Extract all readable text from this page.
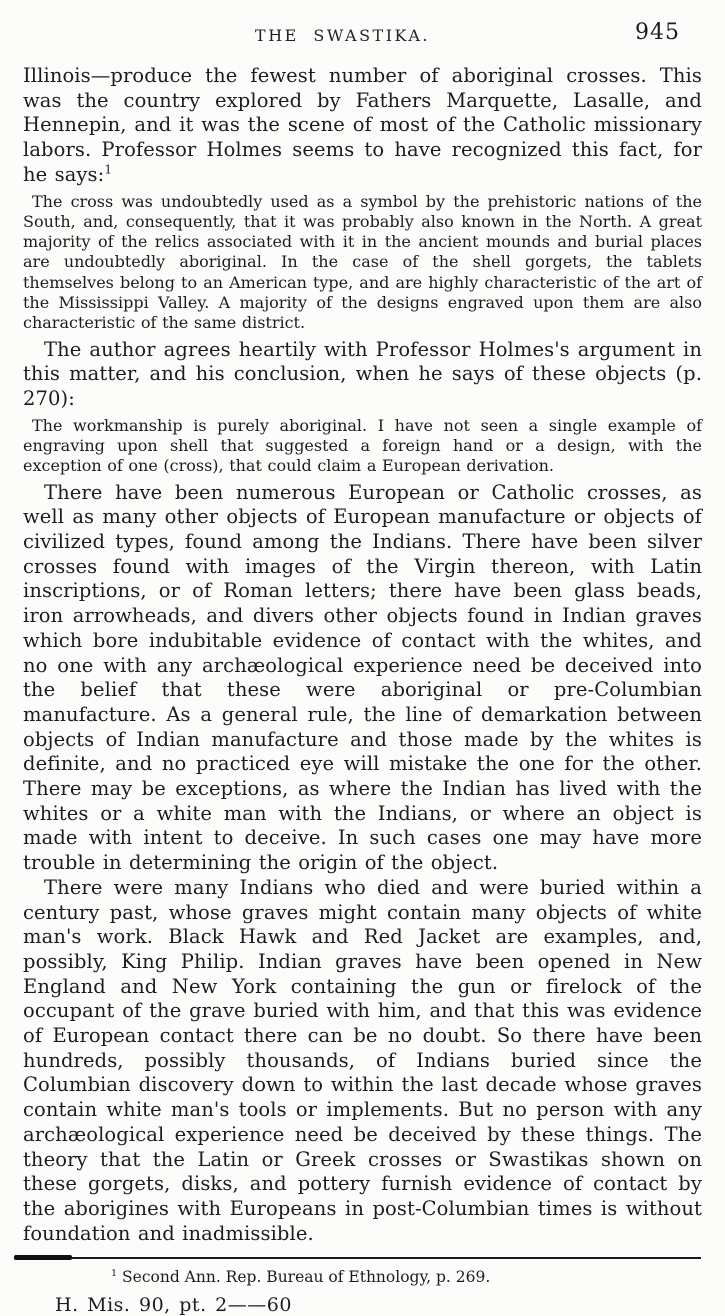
THE SWASTIKA.	945

Illinois—produce the fewest number of aboriginal crosses. This was the country explored by Fathers Marquette, Lasalle, and Hennepin, and it was the scene of most of the Catholic missionary labors. Professor Holmes seems to have recognized this fact, for he says:$^1$

The cross was undoubtedly used as a symbol by the prehistoric nations of the South, and, consequently, that it was probably also known in the North. A great majority of the relics associated with it in the ancient mounds and burial places are undoubtedly aboriginal. In the case of the shell gorgets, the tablets themselves belong to an American type, and are highly characteristic of the art of the Mississippi Valley. A majority of the designs engraved upon them are also characteristic of the same district.

The author agrees heartily with Professor Holmes's argument in this matter, and his conclusion, when he says of these objects (p. 270):

The workmanship is purely aboriginal. I have not seen a single example of engraving upon shell that suggested a foreign hand or a design, with the exception of one (cross), that could claim a European derivation.

There have been numerous European or Catholic crosses, as well as many other objects of European manufacture or objects of civilized types, found among the Indians. There have been silver crosses found with images of the Virgin thereon, with Latin inscriptions, or of Roman letters; there have been glass beads, iron arrowheads, and divers other objects found in Indian graves which bore indubitable evidence of contact with the whites, and no one with any archæological experience need be deceived into the belief that these were aboriginal or pre-Columbian manufacture. As a general rule, the line of demarkation between objects of Indian manufacture and those made by the whites is definite, and no practiced eye will mistake the one for the other. There may be exceptions, as where the Indian has lived with the whites or a white man with the Indians, or where an object is made with intent to deceive. In such cases one may have more trouble in determining the origin of the object.

There were many Indians who died and were buried within a century past, whose graves might contain many objects of white man's work. Black Hawk and Red Jacket are examples, and, possibly, King Philip. Indian graves have been opened in New England and New York containing the gun or firelock of the occupant of the grave buried with him, and that this was evidence of European contact there can be no doubt. So there have been hundreds, possibly thousands, of Indians buried since the Columbian discovery down to within the last decade whose graves contain white man's tools or implements. But no person with any archæological experience need be deceived by these things. The theory that the Latin or Greek crosses or Swastikas shown on these gorgets, disks, and pottery furnish evidence of contact by the aborigines with Europeans in post-Columbian times is without foundation and inadmissible.

$^1$ Second Ann. Rep. Bureau of Ethnology, p. 269.

H. Mis. 90, pt. 2——60
